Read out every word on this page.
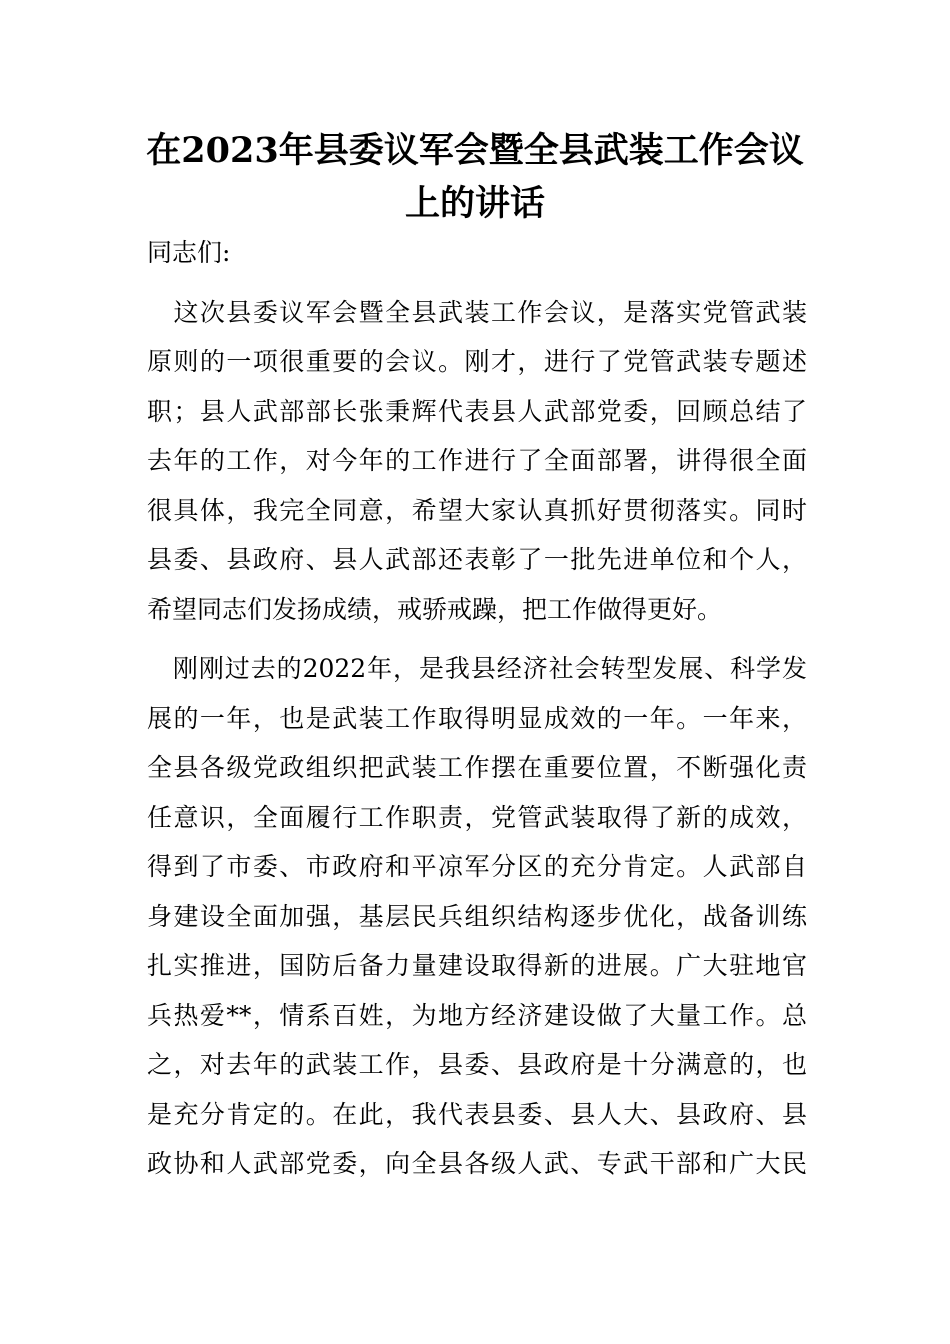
在2023年县委议军会暨全县武装工作会议
上的讲话

同志们:

　这次县委议军会暨全县武装工作会议，是落实党管武装
原则的一项很重要的会议。刚才，进行了党管武装专题述
职；县人武部部长张秉辉代表县人武部党委，回顾总结了
去年的工作，对今年的工作进行了全面部署，讲得很全面
很具体，我完全同意，希望大家认真抓好贯彻落实。同时
县委、县政府、县人武部还表彰了一批先进单位和个人，
希望同志们发扬成绩，戒骄戒躁，把工作做得更好。

　刚刚过去的2022年，是我县经济社会转型发展、科学发
展的一年，也是武装工作取得明显成效的一年。一年来，
全县各级党政组织把武装工作摆在重要位置，不断强化责
任意识，全面履行工作职责，党管武装取得了新的成效，
得到了市委、市政府和平凉军分区的充分肯定。人武部自
身建设全面加强，基层民兵组织结构逐步优化，战备训练
扎实推进，国防后备力量建设取得新的进展。广大驻地官
兵热爱**，情系百姓，为地方经济建设做了大量工作。总
之，对去年的武装工作，县委、县政府是十分满意的，也
是充分肯定的。在此，我代表县委、县人大、县政府、县
政协和人武部党委，向全县各级人武、专武干部和广大民
